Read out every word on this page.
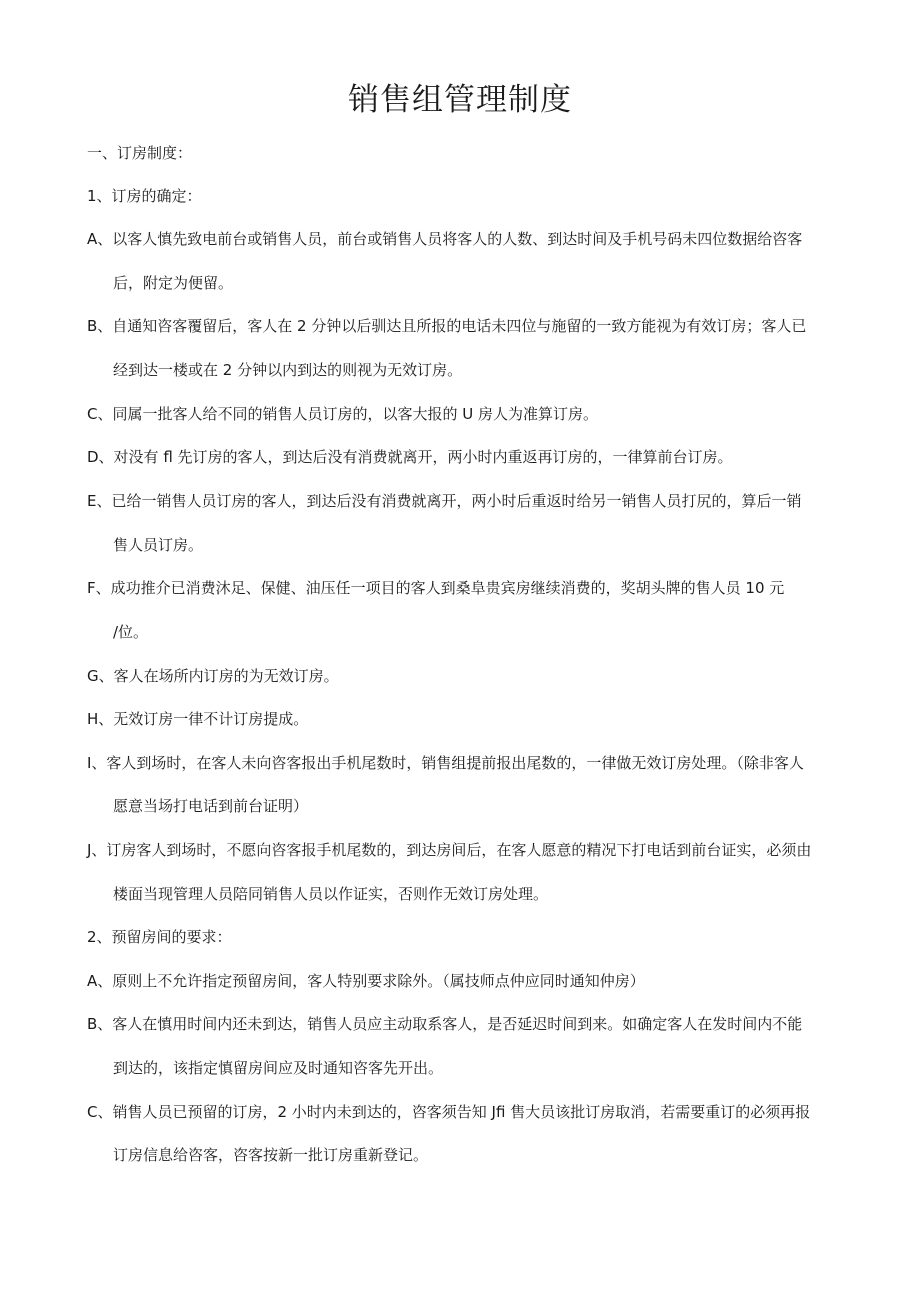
销售组管理制度
一、订房制度：
1、订房的确定：
A、以客人慎先致电前台或销售人员，前台或销售人员将客人的人数、到达时间及手机号码未四位数据给咨客
后，附定为便留。
B、自通知咨客覆留后，客人在 2 分钟以后驯达且所报的电话未四位与施留的一致方能视为有效订房；客人已
经到达一楼或在 2 分钟以内到达的则视为无效订房。
C、同属一批客人给不同的销售人员订房的，以客大报的 U 房人为准算订房。
D、对没有 fl 先订房的客人，到达后没有消费就离开，两小时内重返再订房的，一律算前台订房。
E、已给一销售人员订房的客人，到达后没有消费就离开，两小时后重返时给另一销售人员打尻的，算后一销
售人员订房。
F、成功推介已消费沐足、保健、油压任一项目的客人到桑阜贵宾房继续消费的，奖胡头牌的售人员 10 元
/位。
G、客人在场所内订房的为无效订房。
H、无效订房一律不计订房提成。
I、客人到场时，在客人未向咨客报出手机尾数时，销售组提前报出尾数的，一律做无效订房处理。（除非客人
愿意当场打电话到前台证明）
J、订房客人到场时，不愿向咨客报手机尾数的，到达房间后，在客人愿意的精况下打电话到前台证实，必须由
楼面当现管理人员陪同销售人员以作证实，否则作无效订房处理。
2、预留房间的要求：
A、原则上不允许指定预留房间，客人特别要求除外。（属技师点仲应同时通知仲房）
B、客人在慎用时间内还未到达，销售人员应主动取系客人，是否延迟时间到来。如确定客人在发时间内不能
到达的，该指定慎留房间应及时通知咨客先开出。
C、销售人员已预留的订房，2 小时内未到达的，咨客须告知 Jfi 售大员该批订房取消，若需要重订的必须再报
订房信息给咨客，咨客按新一批订房重新登记。
